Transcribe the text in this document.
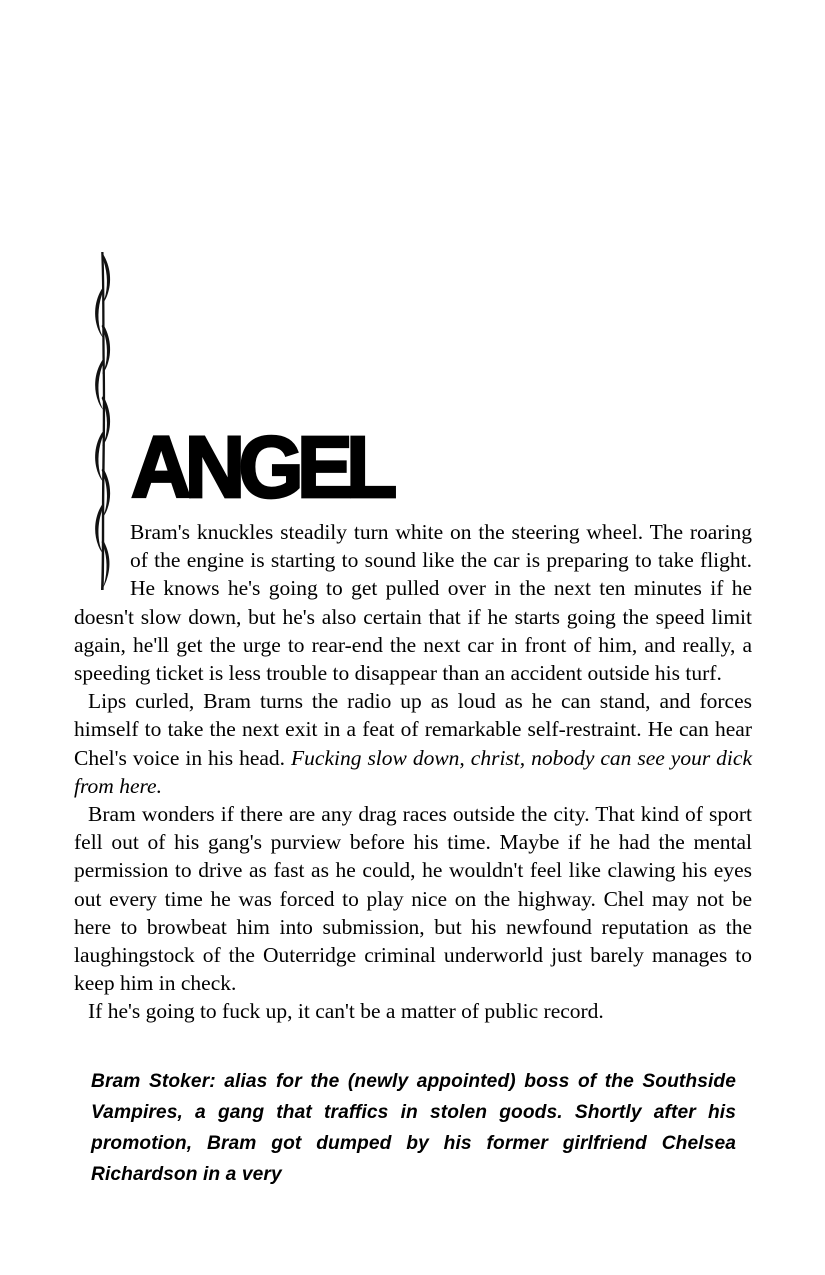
ANGEL

Bram's knuckles steadily turn white on the steering wheel. The roaring of the engine is starting to sound like the car is preparing to take flight. He knows he's going to get pulled over in the next ten minutes if he doesn't slow down, but he's also certain that if he starts going the speed limit again, he'll get the urge to rear-end the next car in front of him, and really, a speeding ticket is less trouble to disappear than an accident outside his turf.

Lips curled, Bram turns the radio up as loud as he can stand, and forces himself to take the next exit in a feat of remarkable self-restraint. He can hear Chel's voice in his head. Fucking slow down, christ, nobody can see your dick from here.

Bram wonders if there are any drag races outside the city. That kind of sport fell out of his gang's purview before his time. Maybe if he had the mental permission to drive as fast as he could, he wouldn't feel like clawing his eyes out every time he was forced to play nice on the highway. Chel may not be here to browbeat him into submission, but his newfound reputation as the laughingstock of the Outerridge criminal underworld just barely manages to keep him in check.

If he's going to fuck up, it can't be a matter of public record.

Bram Stoker: alias for the (newly appointed) boss of the Southside Vampires, a gang that traffics in stolen goods. Shortly after his promotion, Bram got dumped by his former girlfriend Chelsea Richardson in a very
